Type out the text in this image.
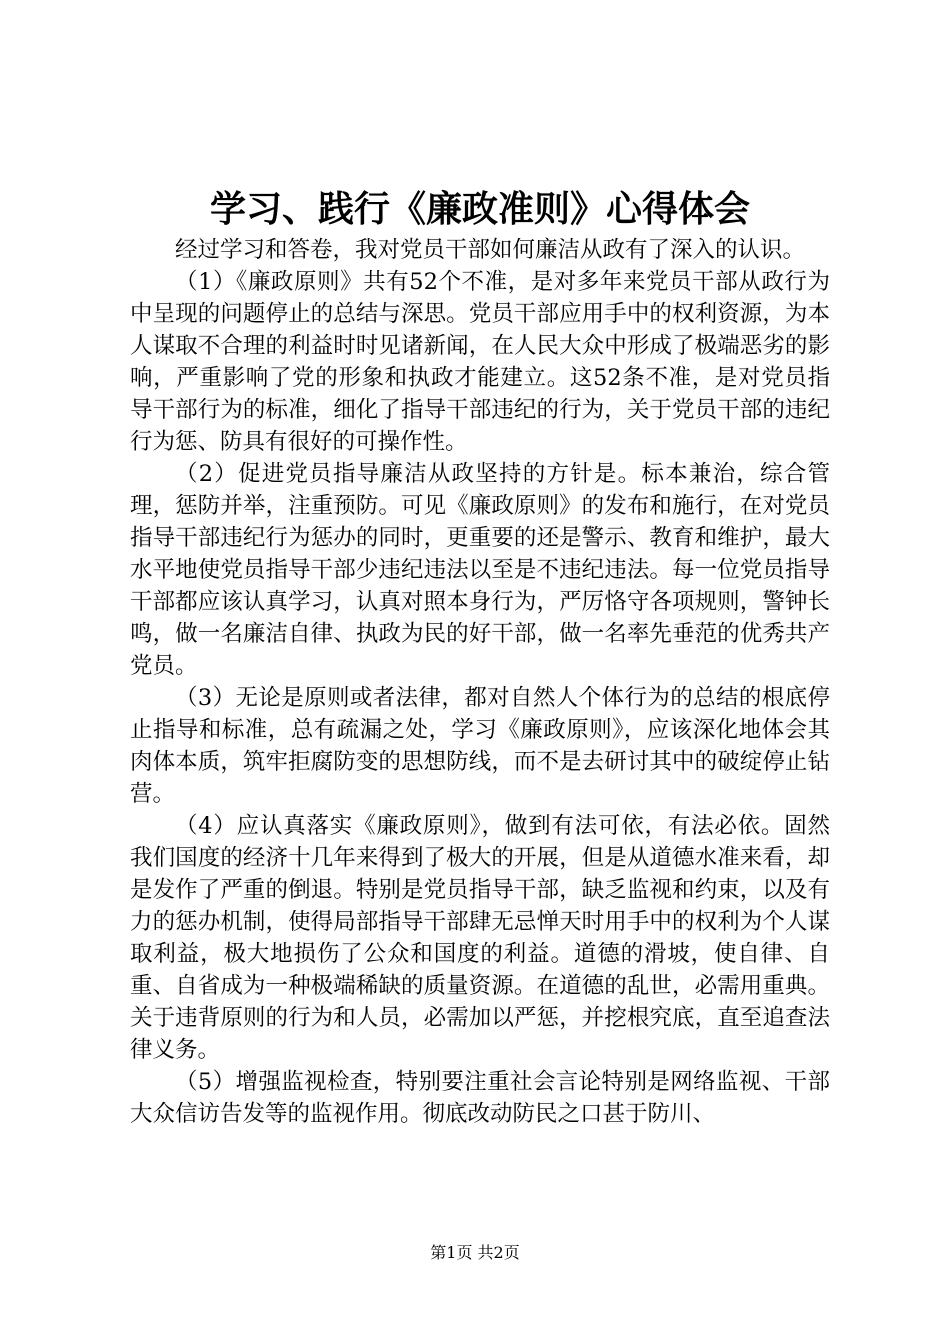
学习、践行《廉政准则》心得体会

经过学习和答卷，我对党员干部如何廉洁从政有了深入的认识。

（1）《廉政原则》共有52个不准，是对多年来党员干部从政行为中呈现的问题停止的总结与深思。党员干部应用手中的权利资源，为本人谋取不合理的利益时时见诸新闻，在人民大众中形成了极端恶劣的影响，严重影响了党的形象和执政才能建立。这52条不准，是对党员指导干部行为的标准，细化了指导干部违纪的行为，关于党员干部的违纪行为惩、防具有很好的可操作性。

（2）促进党员指导廉洁从政坚持的方针是。标本兼治，综合管理，惩防并举，注重预防。可见《廉政原则》的发布和施行，在对党员指导干部违纪行为惩办的同时，更重要的还是警示、教育和维护，最大水平地使党员指导干部少违纪违法以至是不违纪违法。每一位党员指导干部都应该认真学习，认真对照本身行为，严厉恪守各项规则，警钟长鸣，做一名廉洁自律、执政为民的好干部，做一名率先垂范的优秀共产党员。

（3）无论是原则或者法律，都对自然人个体行为的总结的根底停止指导和标准，总有疏漏之处，学习《廉政原则》，应该深化地体会其肉体本质，筑牢拒腐防变的思想防线，而不是去研讨其中的破绽停止钻营。

（4）应认真落实《廉政原则》，做到有法可依，有法必依。固然我们国度的经济十几年来得到了极大的开展，但是从道德水准来看，却是发作了严重的倒退。特别是党员指导干部，缺乏监视和约束，以及有力的惩办机制，使得局部指导干部肆无忌惮天时用手中的权利为个人谋取利益，极大地损伤了公众和国度的利益。道德的滑坡，使自律、自重、自省成为一种极端稀缺的质量资源。在道德的乱世，必需用重典。关于违背原则的行为和人员，必需加以严惩，并挖根究底，直至追查法律义务。

（5）增强监视检查，特别要注重社会言论特别是网络监视、干部大众信访告发等的监视作用。彻底改动防民之口甚于防川、

第1页 共2页
